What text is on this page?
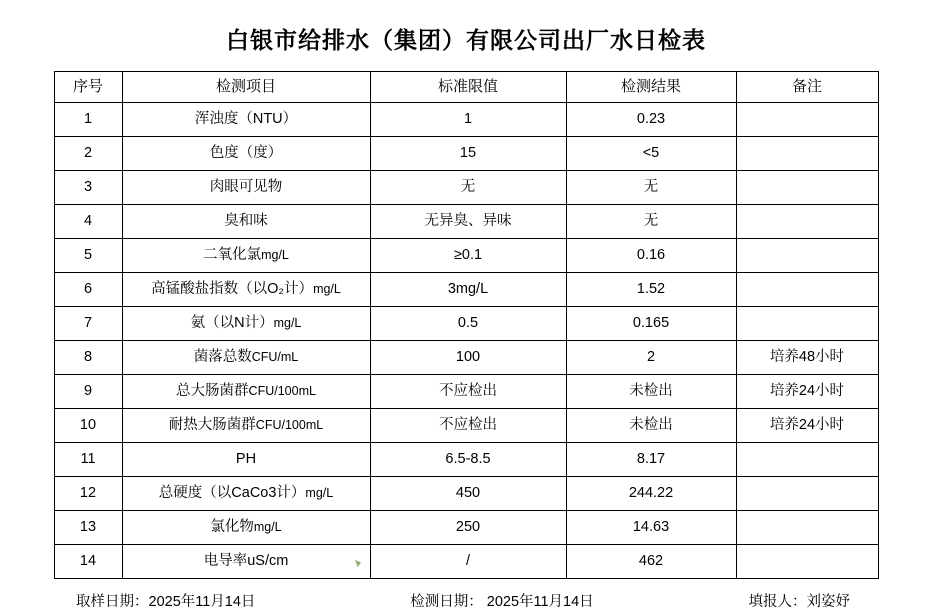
白银市给排水（集团）有限公司出厂水日检表
序号	检测项目	标准限值	检测结果	备注
1	浑浊度（NTU）	1	0.23	
2	色度（度）	15	<5	
3	肉眼可见物	无	无	
4	臭和味	无异臭、异味	无	
5	二氧化氯mg/L	≥0.1	0.16	
6	高锰酸盐指数（以O₂计）mg/L	3mg/L	1.52	
7	氨（以N计）mg/L	0.5	0.165	
8	菌落总数CFU/mL	100	2	培养48小时
9	总大肠菌群CFU/100mL	不应检出	未检出	培养24小时
10	耐热大肠菌群CFU/100mL	不应检出	未检出	培养24小时
11	PH	6.5-8.5	8.17	
12	总硬度（以CaCo3计）mg/L	450	244.22	
13	氯化物mg/L	250	14.63	
14	电导率uS/cm	/	462	
取样日期：2025年11月14日	检测日期： 2025年11月14日	填报人：刘姿妤
